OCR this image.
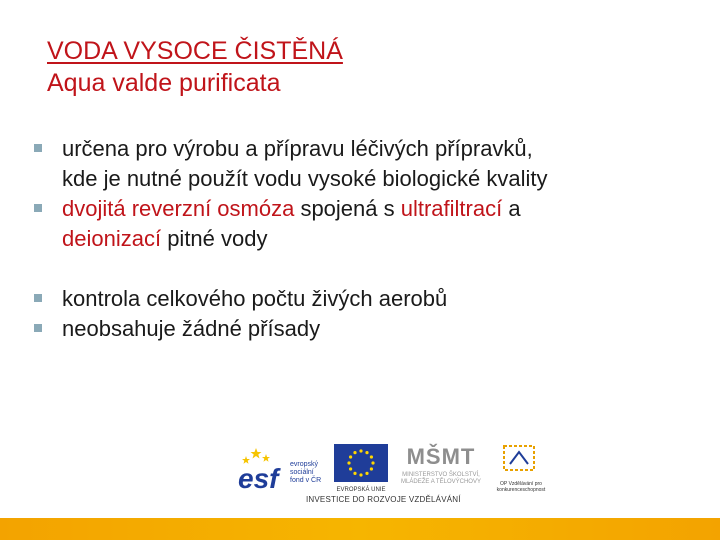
VODA VYSOCE ČISTĚNÁ
Aqua valde purificata
určena pro výrobu a přípravu léčivých přípravků,
kde je nutné použít vodu vysoké biologické kvality
dvojitá reverzní osmóza spojená s ultrafiltrací a
deionizací pitné vody
kontrola celkového počtu živých aerobů
neobsahuje žádné přísady
esf	evropský
sociální
fond v ČR
EVROPSKÁ UNIE
MŠMT
MINISTERSTVO ŠKOLSTVÍ, MLÁDEŽE A TĚLOVÝCHOVY	OP Vzdělávání pro konkurenceschopnost
INVESTICE DO ROZVOJE VZDĚLÁVÁNÍ
